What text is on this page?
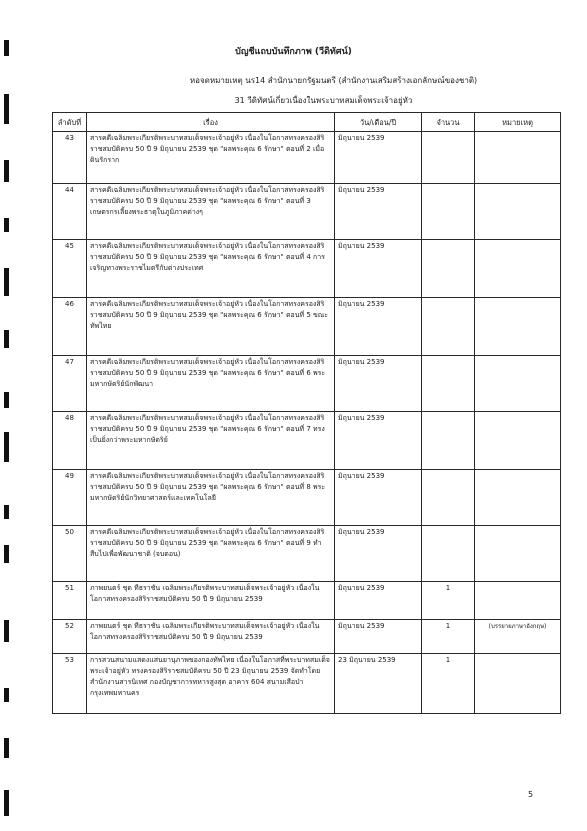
บัญชีแถบบันทึกภาพ (วีดิทัศน์)
หอจดหมายเหตุ นร14 สำนักนายกรัฐมนตรี (สำนักงานเสริมสร้างเอกลักษณ์ของชาติ)
31 วีดิทัศน์เกี่ยวเนื่องในพระบาทสมเด็จพระเจ้าอยู่หัว
ลำดับที่	เรื่อง	วัน/เดือน/ปี	จำนวน	หมายเหตุ
43	สารคดีเฉลิมพระเกียรติพระบาทสมเด็จพระเจ้าอยู่หัว เนื่องในโอกาสทรงครองสิริราชสมบัติครบ 50 ปี 9 มิถุนายน 2539 ชุด "ผลพระคุณ 6 รักษา" ตอนที่ 2 เมื่อดินรักราก	มิถุนายน 2539		
44	สารคดีเฉลิมพระเกียรติพระบาทสมเด็จพระเจ้าอยู่หัว เนื่องในโอกาสทรงครองสิริราชสมบัติครบ 50 ปี 9 มิถุนายน 2539 ชุด "ผลพระคุณ 6 รักษา" ตอนที่ 3 เกษตรกรเลี้ยงพระธาตุในภูมิภาคต่างๆ	มิถุนายน 2539		
45	สารคดีเฉลิมพระเกียรติพระบาทสมเด็จพระเจ้าอยู่หัว เนื่องในโอกาสทรงครองสิริราชสมบัติครบ 50 ปี 9 มิถุนายน 2539 ชุด "ผลพระคุณ 6 รักษา" ตอนที่ 4 การเจริญทางพระราชไมตรีกับต่างประเทศ	มิถุนายน 2539		
46	สารคดีเฉลิมพระเกียรติพระบาทสมเด็จพระเจ้าอยู่หัว เนื่องในโอกาสทรงครองสิริราชสมบัติครบ 50 ปี 9 มิถุนายน 2539 ชุด "ผลพระคุณ 6 รักษา" ตอนที่ 5 ขณะทัพไทย	มิถุนายน 2539		
47	สารคดีเฉลิมพระเกียรติพระบาทสมเด็จพระเจ้าอยู่หัว เนื่องในโอกาสทรงครองสิริราชสมบัติครบ 50 ปี 9 มิถุนายน 2539 ชุด "ผลพระคุณ 6 รักษา" ตอนที่ 6 พระมหากษัตริย์นักพัฒนา	มิถุนายน 2539		
48	สารคดีเฉลิมพระเกียรติพระบาทสมเด็จพระเจ้าอยู่หัว เนื่องในโอกาสทรงครองสิริราชสมบัติครบ 50 ปี 9 มิถุนายน 2539 ชุด "ผลพระคุณ 6 รักษา" ตอนที่ 7 ทรงเป็นยิ่งกว่าพระมหากษัตริย์	มิถุนายน 2539		
49	สารคดีเฉลิมพระเกียรติพระบาทสมเด็จพระเจ้าอยู่หัว เนื่องในโอกาสทรงครองสิริราชสมบัติครบ 50 ปี 9 มิถุนายน 2539 ชุด "ผลพระคุณ 6 รักษา" ตอนที่ 8 พระมหากษัตริย์นักวิทยาศาสตร์และเทคโนโลยี	มิถุนายน 2539		
50	สารคดีเฉลิมพระเกียรติพระบาทสมเด็จพระเจ้าอยู่หัว เนื่องในโอกาสทรงครองสิริราชสมบัติครบ 50 ปี 9 มิถุนายน 2539 ชุด "ผลพระคุณ 6 รักษา" ตอนที่ 9 ทำสืบไปเพื่อพัฒนาชาติ (จบตอน)	มิถุนายน 2539		
51	ภาพยนตร์ ชุด ทีธราชัน เฉลิมพระเกียรติพระบาทสมเด็จพระเจ้าอยู่หัว เนื่องในโอกาสทรงครองสิริราชสมบัติครบ 50 ปี 9 มิถุนายน 2539	มิถุนายน 2539	1	
52	ภาพยนตร์ ชุด ทีธราชัน เฉลิมพระเกียรติพระบาทสมเด็จพระเจ้าอยู่หัว เนื่องในโอกาสทรงครองสิริราชสมบัติครบ 50 ปี 9 มิถุนายน 2539	มิถุนายน 2539	1	(บรรยายภาษาอังกฤษ)
53	การสวนสนามแสดงแสนยานุภาพของกองทัพไทย เนื่องในโอกาสที่พระบาทสมเด็จพระเจ้าอยู่หัว ทรงครองสิริราชสมบัติครบ 50 ปี 23 มิถุนายน 2539 จัดทำโดย สำนักงานสารนิเทศ กองบัญชาการทหารสูงสุด อาคาร 604 สนามเสือป่า กรุงเทพมหานคร	23 มิถุนายน 2539	1	
5
